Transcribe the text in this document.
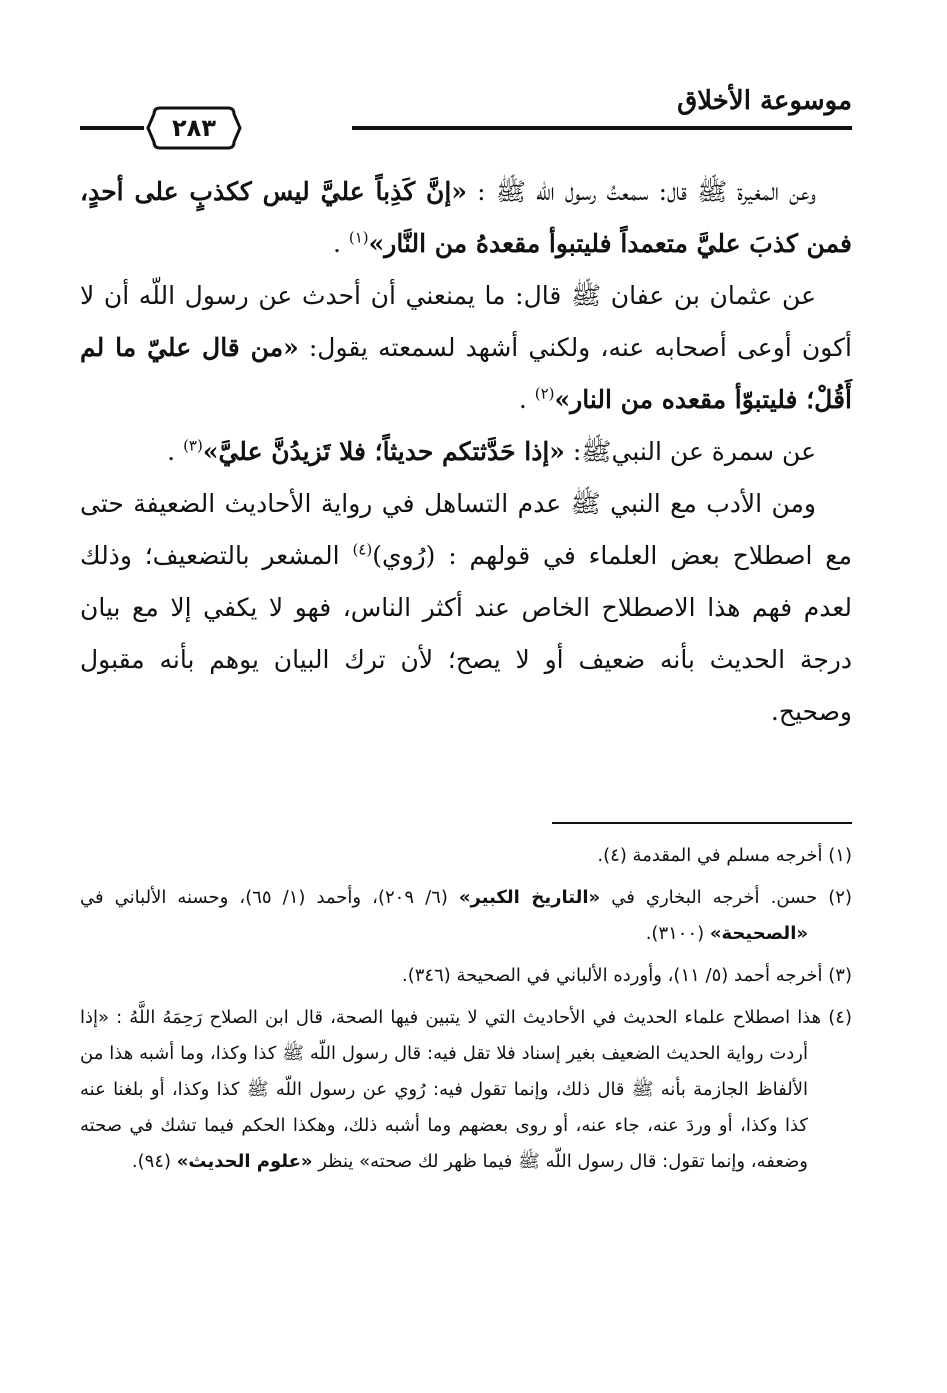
موسوعة الأخلاق
٢٨٣

وعن المغيرة ﷺ قال: سمعتُ رسول اللّه ﷺ : «إنَّ كَذِباً عليَّ ليس ككذبٍ على أحدٍ، فمن كذبَ عليَّ متعمداً فليتبوأ مقعدهُ من النَّار»$^{(١)}$ .

عن عثمان بن عفان ﷺ قال: ما يمنعني أن أحدث عن رسول اللّه أن لا أكون أوعى أصحابه عنه، ولكني أشهد لسمعته يقول: «من قال عليّ ما لم أَقُلْ؛ فليتبوّأ مقعده من النار»$^{(٢)}$ .

عن سمرة عن النبيﷺ: «إذا حَدَّثتكم حديثاً؛ فلا تَزيدُنَّ عليَّ»$^{(٣)}$ .

ومن الأدب مع النبي ﷺ عدم التساهل في رواية الأحاديث الضعيفة حتى مع اصطلاح بعض العلماء في قولهم : (رُوي)$^{(٤)}$ المشعر بالتضعيف؛ وذلك لعدم فهم هذا الاصطلاح الخاص عند أكثر الناس، فهو لا يكفي إلا مع بيان درجة الحديث بأنه ضعيف أو لا يصح؛ لأن ترك البيان يوهم بأنه مقبول وصحيح.

(١) أخرجه مسلم في المقدمة (٤).

(٢) حسن. أخرجه البخاري في «التاريخ الكبير» (٦/ ٢٠٩)، وأحمد (١/ ٦٥)، وحسنه الألباني في «الصحيحة» (٣١٠٠).

(٣) أخرجه أحمد (٥/ ١١)، وأورده الألباني في الصحيحة (٣٤٦).

(٤) هذا اصطلاح علماء الحديث في الأحاديث التي لا يتبين فيها الصحة، قال ابن الصلاح رَحِمَهُ اللَّهُ : «إذا أردت رواية الحديث الضعيف بغير إسناد فلا تقل فيه: قال رسول اللّه ﷺ كذا وكذا، وما أشبه هذا من الألفاظ الجازمة بأنه ﷺ قال ذلك، وإنما تقول فيه: رُوي عن رسول اللّه ﷺ كذا وكذا، أو بلغنا عنه كذا وكذا، أو وردَ عنه، جاء عنه، أو روى بعضهم وما أشبه ذلك، وهكذا الحكم فيما تشك في صحته وضعفه، وإنما تقول: قال رسول اللّه ﷺ فيما ظهر لك صحته» ينظر «علوم الحديث» (٩٤).
